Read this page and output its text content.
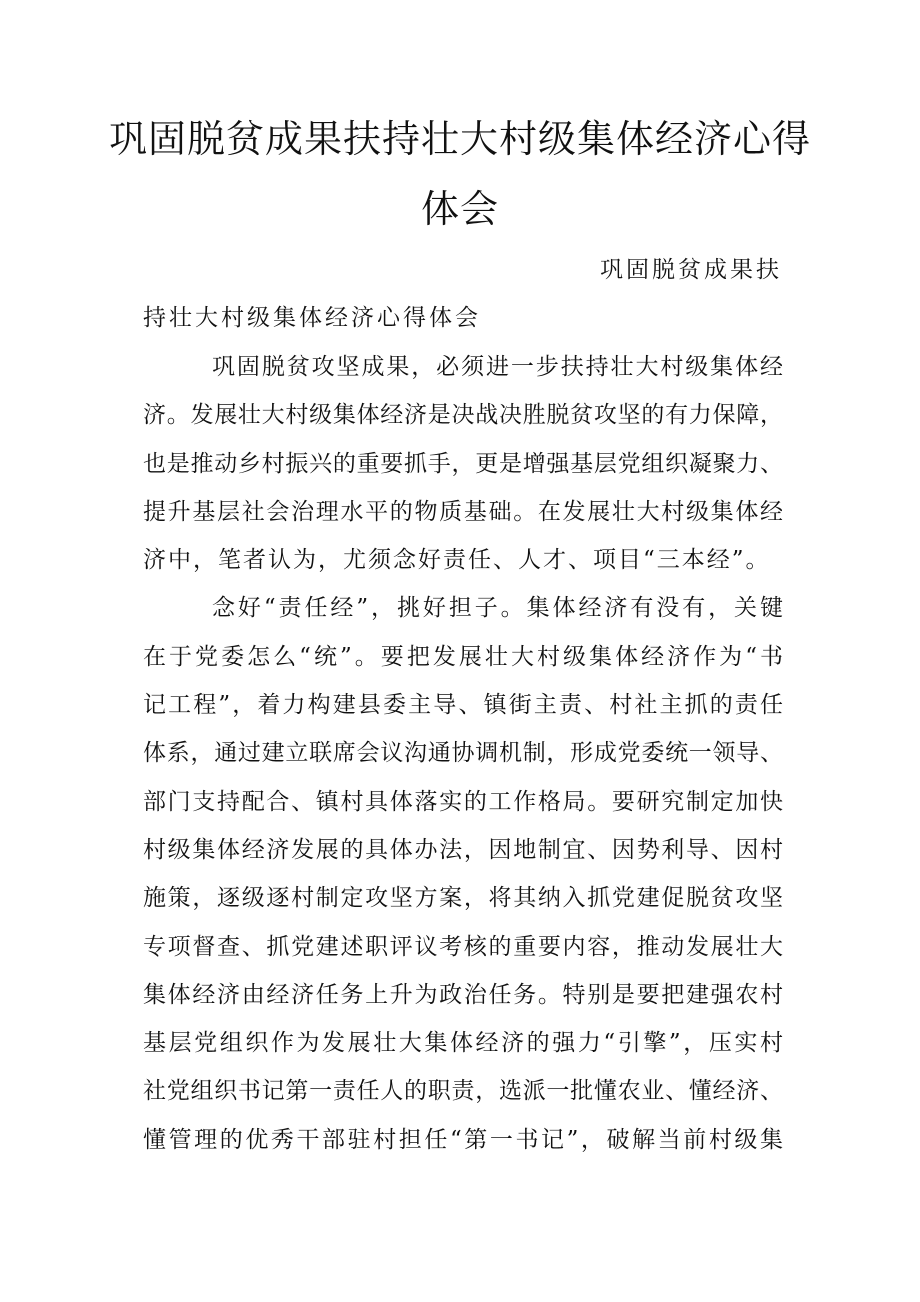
巩固脱贫成果扶持壮大村级集体经济心得
体会
巩固脱贫成果扶
持壮大村级集体经济心得体会
巩固脱贫攻坚成果，必须进一步扶持壮大村级集体经
济。发展壮大村级集体经济是决战决胜脱贫攻坚的有力保障，
也是推动乡村振兴的重要抓手，更是增强基层党组织凝聚力、
提升基层社会治理水平的物质基础。在发展壮大村级集体经
济中，笔者认为，尤须念好责任、人才、项目“三本经”。
念好“责任经”，挑好担子。集体经济有没有，关键
在于党委怎么“统”。要把发展壮大村级集体经济作为“书
记工程”，着力构建县委主导、镇街主责、村社主抓的责任
体系，通过建立联席会议沟通协调机制，形成党委统一领导、
部门支持配合、镇村具体落实的工作格局。要研究制定加快
村级集体经济发展的具体办法，因地制宜、因势利导、因村
施策，逐级逐村制定攻坚方案，将其纳入抓党建促脱贫攻坚
专项督查、抓党建述职评议考核的重要内容，推动发展壮大
集体经济由经济任务上升为政治任务。特别是要把建强农村
基层党组织作为发展壮大集体经济的强力“引擎”，压实村
社党组织书记第一责任人的职责，选派一批懂农业、懂经济、
懂管理的优秀干部驻村担任“第一书记”，破解当前村级集
